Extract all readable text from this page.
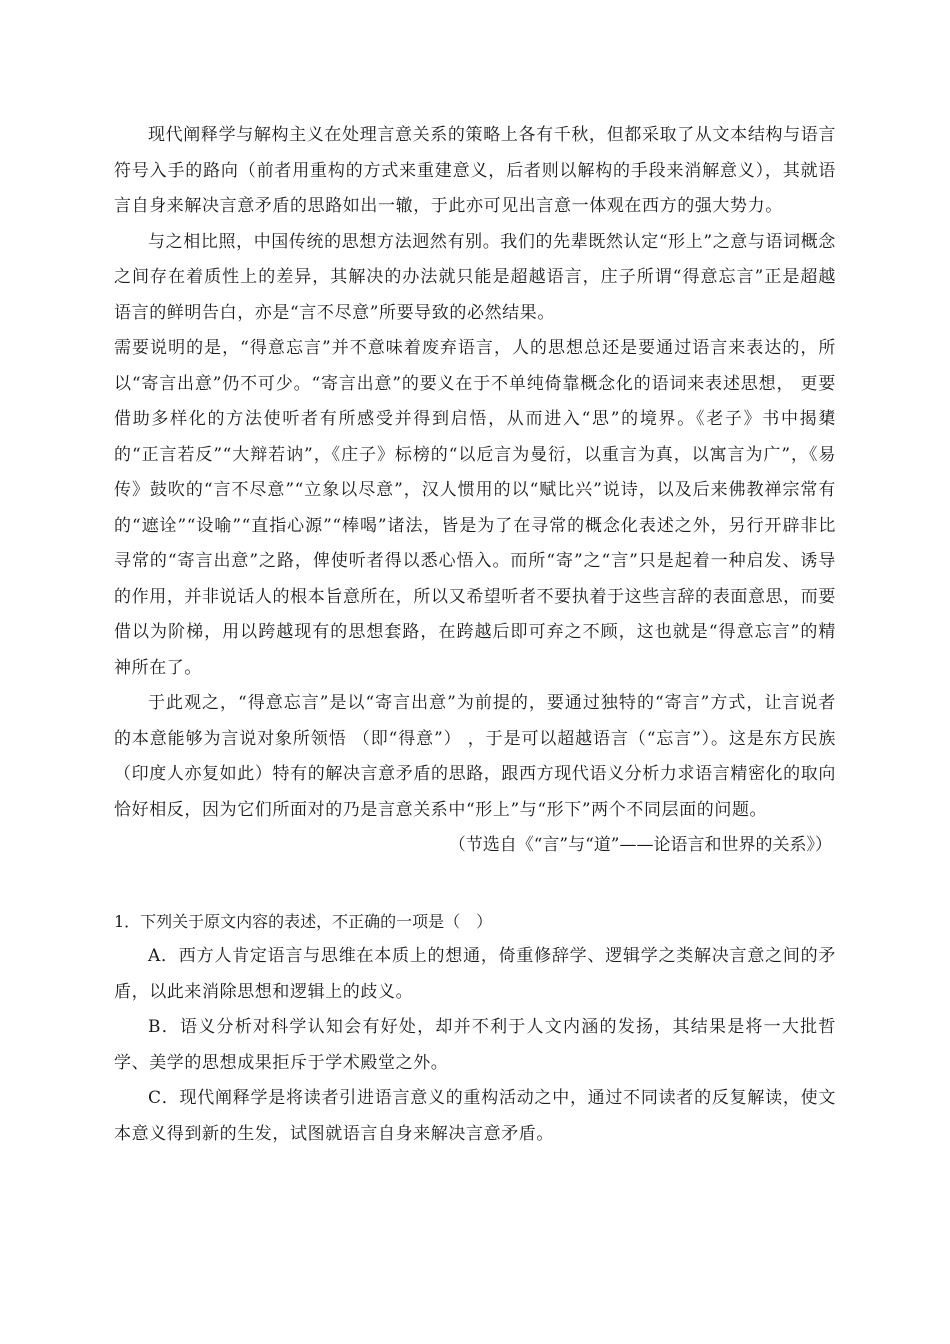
现代阐释学与解构主义在处理言意关系的策略上各有千秋，但都采取了从文本结构与语言符号入手的路向（前者用重构的方式来重建意义，后者则以解构的手段来消解意义），其就语言自身来解决言意矛盾的思路如出一辙，于此亦可见出言意一体观在西方的强大势力。

与之相比照，中国传统的思想方法迥然有别。我们的先辈既然认定“形上”之意与语词概念之间存在着质性上的差异，其解决的办法就只能是超越语言，庄子所谓“得意忘言”正是超越语言的鲜明告白，亦是“言不尽意”所要导致的必然结果。

需要说明的是，“得意忘言”并不意味着废弃语言，人的思想总还是要通过语言来表达的，所以“寄言出意”仍不可少。“寄言出意”的要义在于不单纯倚靠概念化的语词来表述思想， 更要借助多样化的方法使听者有所感受并得到启悟，从而进入“思”的境界。《老子》书中揭橥的“正言若反”“大辩若讷”，《庄子》标榜的“以卮言为曼衍，以重言为真，以寓言为广”，《易传》鼓吹的“言不尽意”“立象以尽意”，汉人惯用的以“赋比兴”说诗，以及后来佛教禅宗常有的“遮诠”“设喻”“直指心源”“棒喝”诸法，皆是为了在寻常的概念化表述之外，另行开辟非比寻常的“寄言出意”之路，俾使听者得以悉心悟入。而所“寄”之“言”只是起着一种启发、诱导的作用，并非说话人的根本旨意所在，所以又希望听者不要执着于这些言辞的表面意思，而要借以为阶梯，用以跨越现有的思想套路，在跨越后即可弃之不顾，这也就是“得意忘言”的精神所在了。

于此观之，“得意忘言”是以“寄言出意”为前提的，要通过独特的“寄言”方式，让言说者的本意能够为言说对象所领悟 （即“得意”） ，于是可以超越语言（“忘言”）。这是东方民族（印度人亦复如此）特有的解决言意矛盾的思路，跟西方现代语义分析力求语言精密化的取向恰好相反，因为它们所面对的乃是言意关系中“形上”与“形下”两个不同层面的问题。

（节选自《“言”与“道”——论语言和世界的关系》）

1．下列关于原文内容的表述，不正确的一项是（　）

A．西方人肯定语言与思维在本质上的想通，倚重修辞学、逻辑学之类解决言意之间的矛盾，以此来消除思想和逻辑上的歧义。

B．语义分析对科学认知会有好处，却并不利于人文内涵的发扬，其结果是将一大批哲学、美学的思想成果拒斥于学术殿堂之外。

C．现代阐释学是将读者引进语言意义的重构活动之中，通过不同读者的反复解读，使文本意义得到新的生发，试图就语言自身来解决言意矛盾。
